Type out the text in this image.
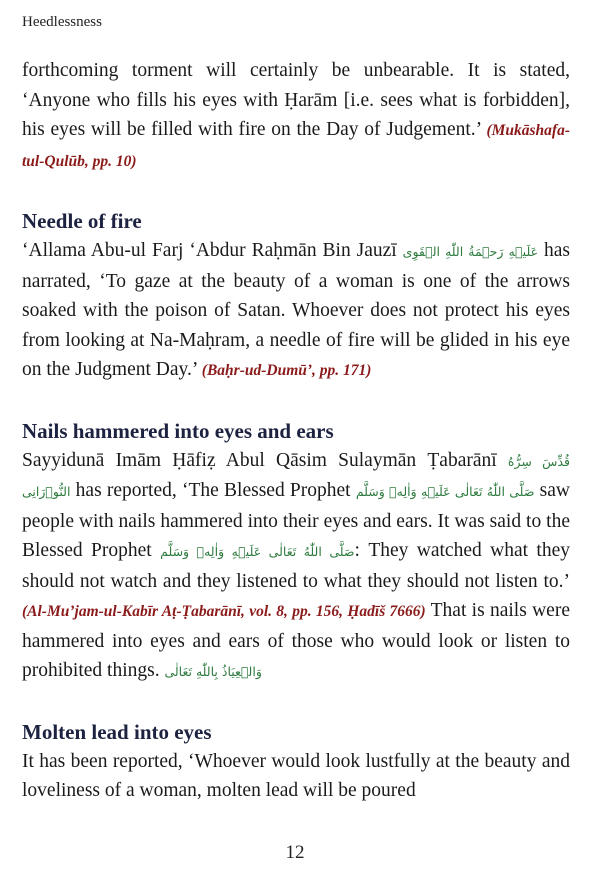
Heedlessness

forthcoming torment will certainly be unbearable. It is stated, ‘Anyone who fills his eyes with Ḥarām [i.e. sees what is forbidden], his eyes will be filled with fire on the Day of Judgement.’ (Mukāshafa-tul-Qulūb, pp. 10)

Needle of fire

‘Allama Abu-ul Farj ‘Abdur Raḥmān Bin Jauzī عَلَيۡهِ رَحۡمَةُ اللّٰهِ الۡقَوِى has narrated, ‘To gaze at the beauty of a woman is one of the arrows soaked with the poison of Satan. Whoever does not protect his eyes from looking at Na-Maḥram, a needle of fire will be glided in his eye on the Judgment Day.’ (Baḥr-ud-Dumū’, pp. 171)

Nails hammered into eyes and ears

Sayyidunā Imām Ḥāfiẓ Abul Qāsim Sulaymān Ṭabarānī قُدِّسَ سِرُّهُ النُّوۡرَانِى has reported, ‘The Blessed Prophet صَلَّى اللّٰهُ تَعَالٰى عَلَيۡهِ وَاٰلِهٖ وَسَلَّم saw people with nails hammered into their eyes and ears. It was said to the Blessed Prophet صَلَّى اللّٰهُ تَعَالٰى عَلَيۡهِ وَاٰلِهٖ وَسَلَّم: They watched what they should not watch and they listened to what they should not listen to.’ (Al-Mu’jam-ul-Kabīr Aṭ-Ṭabarānī, vol. 8, pp. 156, Ḥadīš 7666) That is nails were hammered into eyes and ears of those who would look or listen to prohibited things. وَالۡعِيَاذُ بِاللّٰهِ تَعَالٰى

Molten lead into eyes

It has been reported, ‘Whoever would look lustfully at the beauty and loveliness of a woman, molten lead will be poured

12
